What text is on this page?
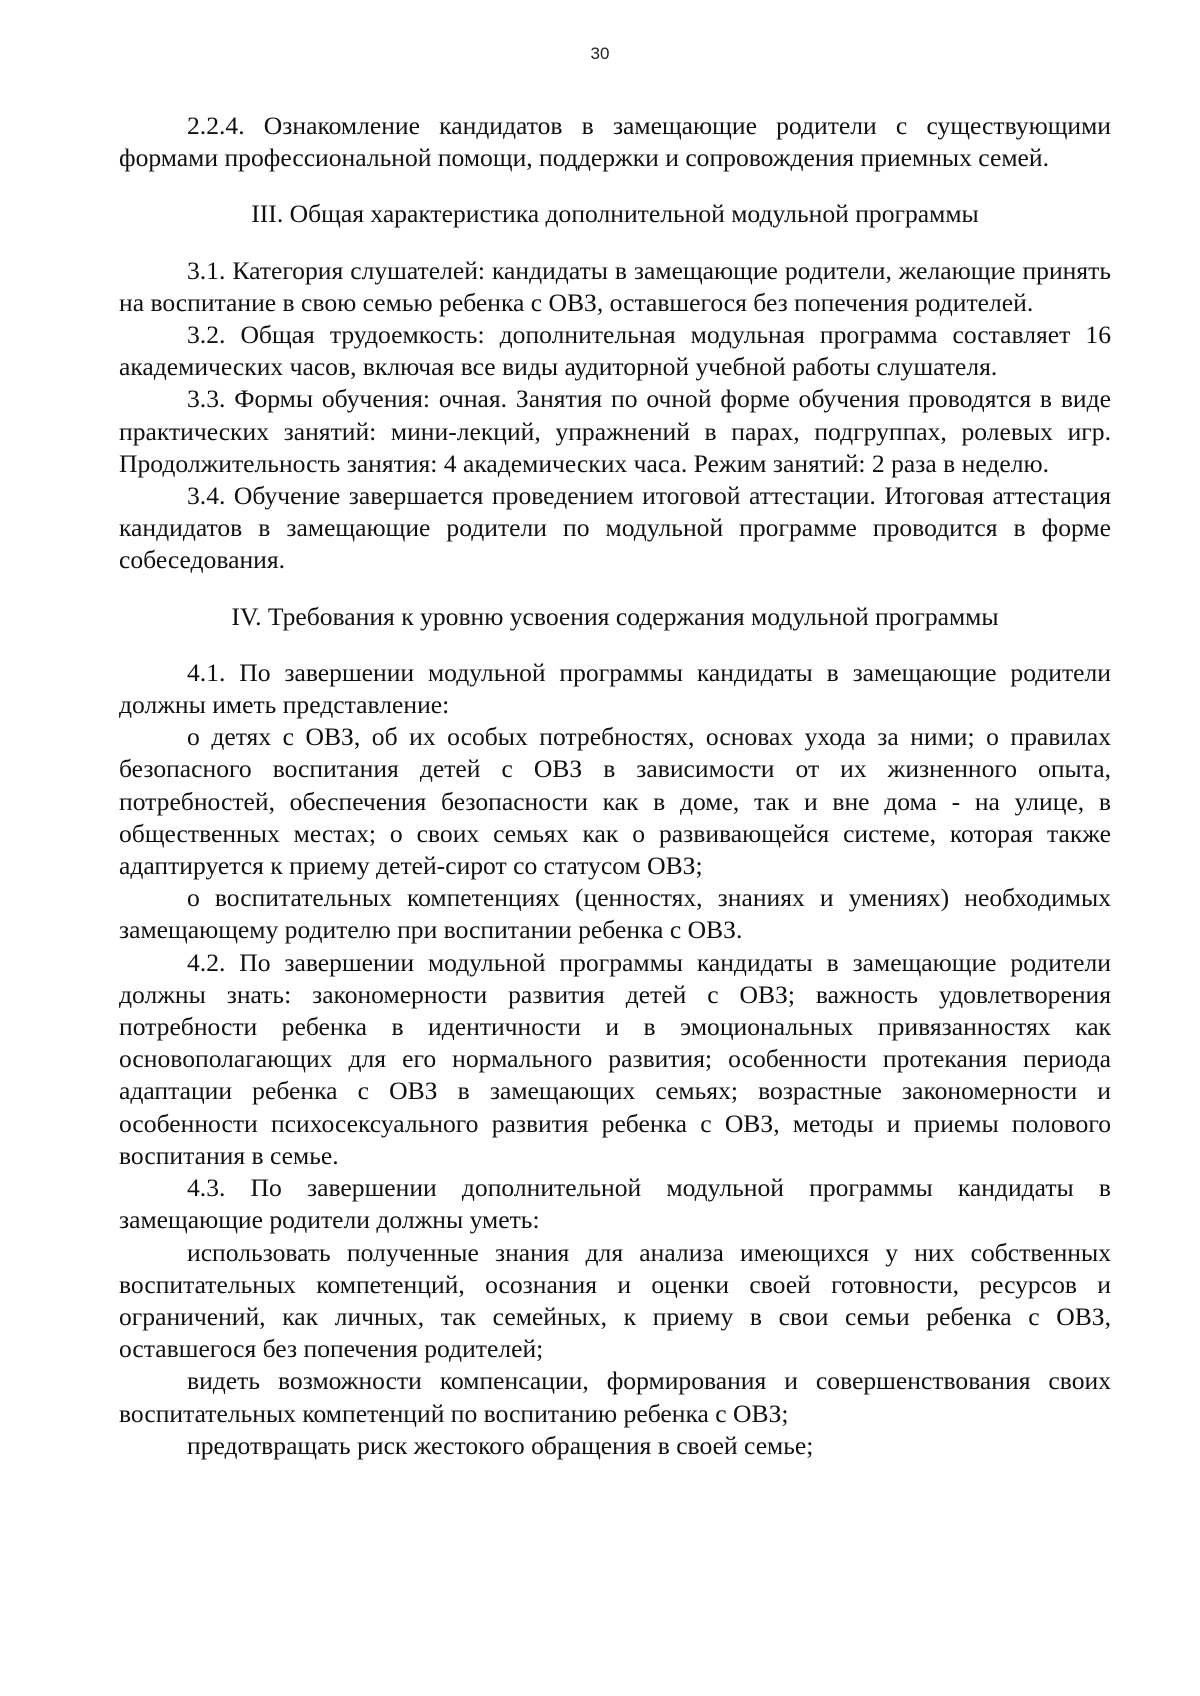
30

2.2.4. Ознакомление кандидатов в замещающие родители с существующими формами профессиональной помощи, поддержки и сопровождения приемных семей.

III. Общая характеристика дополнительной модульной программы

3.1. Категория слушателей: кандидаты в замещающие родители, желающие принять на воспитание в свою семью ребенка с ОВЗ, оставшегося без попечения родителей.

3.2. Общая трудоемкость: дополнительная модульная программа составляет 16 академических часов, включая все виды аудиторной учебной работы слушателя.

3.3. Формы обучения: очная. Занятия по очной форме обучения проводятся в виде практических занятий: мини-лекций, упражнений в парах, подгруппах, ролевых игр. Продолжительность занятия: 4 академических часа. Режим занятий: 2 раза в неделю.

3.4. Обучение завершается проведением итоговой аттестации. Итоговая аттестация кандидатов в замещающие родители по модульной программе проводится в форме собеседования.

IV. Требования к уровню усвоения содержания модульной программы

4.1. По завершении модульной программы кандидаты в замещающие родители должны иметь представление:

о детях с ОВЗ, об их особых потребностях, основах ухода за ними; о правилах безопасного воспитания детей с ОВЗ в зависимости от их жизненного опыта, потребностей, обеспечения безопасности как в доме, так и вне дома - на улице, в общественных местах; о своих семьях как о развивающейся системе, которая также адаптируется к приему детей-сирот со статусом ОВЗ;

о воспитательных компетенциях (ценностях, знаниях и умениях) необходимых замещающему родителю при воспитании ребенка с ОВЗ.

4.2. По завершении модульной программы кандидаты в замещающие родители должны знать: закономерности развития детей с ОВЗ; важность удовлетворения потребности ребенка в идентичности и в эмоциональных привязанностях как основополагающих для его нормального развития; особенности протекания периода адаптации ребенка с ОВЗ в замещающих семьях; возрастные закономерности и особенности психосексуального развития ребенка с ОВЗ, методы и приемы полового воспитания в семье.

4.3. По завершении дополнительной модульной программы кандидаты в замещающие родители должны уметь:

использовать полученные знания для анализа имеющихся у них собственных воспитательных компетенций, осознания и оценки своей готовности, ресурсов и ограничений, как личных, так семейных, к приему в свои семьи ребенка с ОВЗ, оставшегося без попечения родителей;

видеть возможности компенсации, формирования и совершенствования своих воспитательных компетенций по воспитанию ребенка с ОВЗ;

предотвращать риск жестокого обращения в своей семье;
